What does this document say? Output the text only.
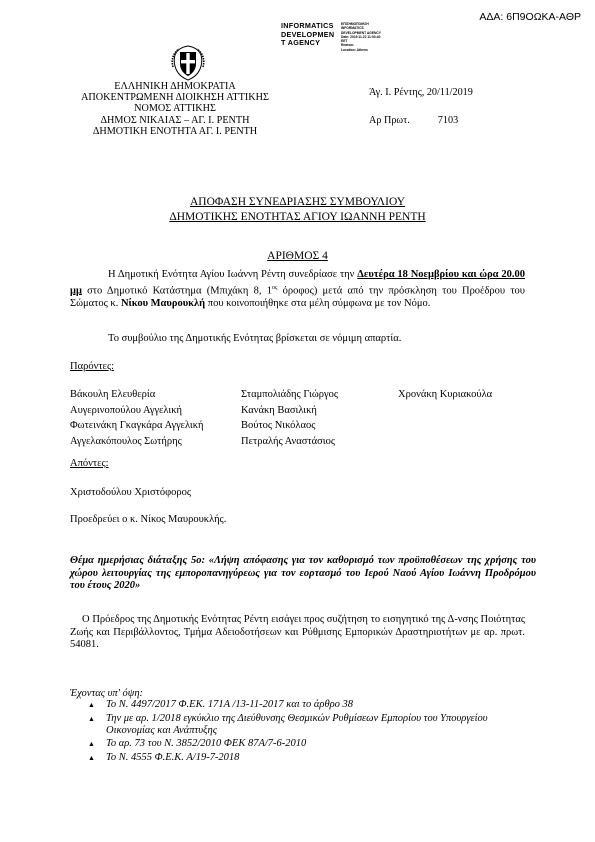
ΑΔΑ: 6Π9ΟΩΚΑ-ΑΘΡ
INFORMATICS
DEVELOPMEN
T AGENCY
ΕΠΙΣΗΜΟΠΟΙΗΣΗ
INFORMATICS
DEVELOPMENT AGENCY
Date: 2019.11.22 11:00:40
EET
Reason:
Location: Athens
ΕΛΛΗΝΙΚΗ ΔΗΜΟΚΡΑΤΙΑ
ΑΠΟΚΕΝΤΡΩΜΕΝΗ ΔΙΟΙΚΗΣΗ ΑΤΤΙΚΗΣ
ΝΟΜΟΣ ΑΤΤΙΚΗΣ
ΔΗΜΟΣ ΝΙΚΑΙΑΣ – ΑΓ. Ι. ΡΕΝΤΗ
ΔΗΜΟΤΙΚΗ ΕΝΟΤΗΤΑ ΑΓ. Ι. ΡΕΝΤΗ
Άγ. Ι. Ρέντης, 20/11/2019
Αρ Πρωτ.	7103
ΑΠΟΦΑΣΗ ΣΥΝΕΔΡΙΑΣΗΣ ΣΥΜΒΟΥΛΙΟΥ
ΔΗΜΟΤΙΚΗΣ ΕΝΟΤΗΤΑΣ ΑΓΙΟΥ ΙΩΑΝΝΗ ΡΕΝΤΗ
ΑΡΙΘΜΟΣ 4
Η Δημοτική Ενότητα Αγίου Ιωάννη Ρέντη συνεδρίασε την Δευτέρα 18 Νοεμβρίου και ώρα 20.00 μμ στο Δημοτικό Κατάστημα (Μπιχάκη 8, $1^{o\varsigma}$ όροφος) μετά από την πρόσκληση του Προέδρου του Σώματος κ. Νίκου Μαυρουκλή που κοινοποιήθηκε στα μέλη σύμφωνα με τον Νόμο.
Το συμβούλιο της Δημοτικής Ενότητας βρίσκεται σε νόμιμη απαρτία.
Παρόντες:
Βάκουλη Ελευθερία
Αυγερινοπούλου Αγγελική
Φωτεινάκη Γκαγκάρα Αγγελική
Αγγελακόπουλος Σωτήρης
Σταμπολιάδης Γιώργος
Κανάκη Βασιλική
Βούτος Νικόλαος
Πετραλής Αναστάσιος
Χρονάκη Κυριακούλα
Απόντες:
Χριστοδούλου Χριστόφορος
Προεδρεύει ο κ. Νίκος Μαυρουκλής.
Θέμα ημερήσιας διάταξης 5ο: «Λήψη απόφασης για τον καθορισμό των προϋποθέσεων της χρήσης του χώρου λειτουργίας της εμποροπανηγύρεως για τον εορτασμό του Ιερού Ναού Αγίου Ιωάννη Προδρόμου του έτους 2020»
Ο Πρόεδρος της Δημοτικής Ενότητας Ρέντη εισάγει προς συζήτηση το εισηγητικό της Δ-νσης Ποιότητας Ζωής και Περιβάλλοντος, Τμήμα Αδειοδοτήσεων και Ρύθμισης Εμπορικών Δραστηριοτήτων με αρ. πρωτ. 54081.
Έχοντας υπ' όψη:
▲ Το Ν. 4497/2017 Φ.ΕΚ. 171Α /13-11-2017 και το άρθρο 38
▲ Την με αρ. 1/2018 εγκύκλιο της Διεύθυνσης Θεσμικών Ρυθμίσεων Εμπορίου του Υπουργείου Οικονομίας και Ανάπτυξης
▲ Το αρ. 73 του Ν. 3852/2010 ΦΕΚ 87Α/7-6-2010
▲ Το Ν. 4555 Φ.Ε.Κ. Α/19-7-2018
